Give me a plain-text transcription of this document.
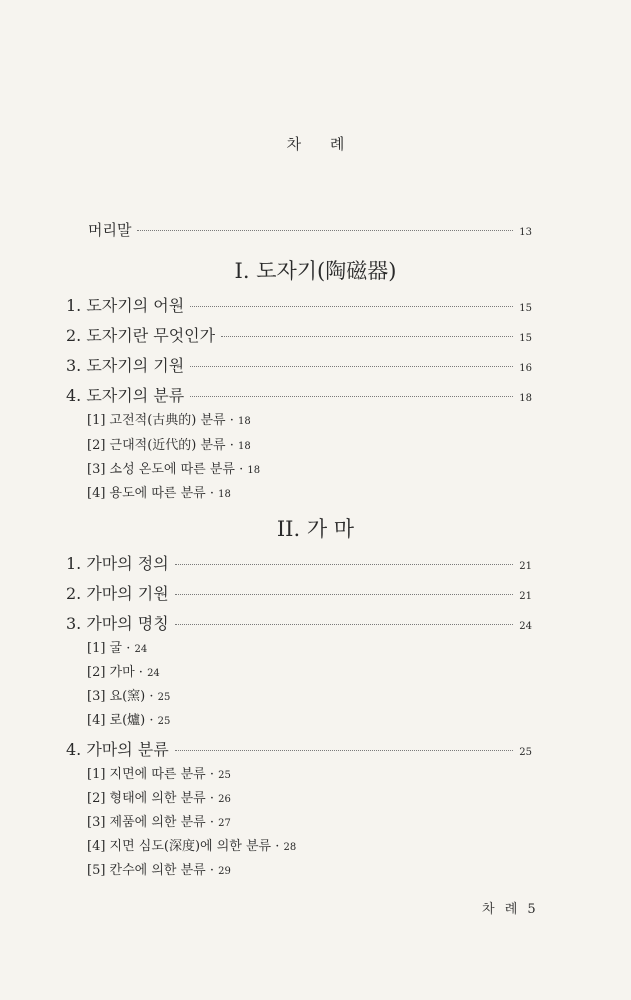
차 례
머리말	13
I. 도자기(陶磁器)
1. 도자기의 어원	15
2. 도자기란 무엇인가	15
3. 도자기의 기원	16
4. 도자기의 분류	18
[1] 고전적(古典的) 분류 · 18
[2] 근대적(近代的) 분류 · 18
[3] 소성 온도에 따른 분류 · 18
[4] 용도에 따른 분류 · 18
II. 가 마
1. 가마의 정의	21
2. 가마의 기원	21
3. 가마의 명칭	24
[1] 굴 · 24
[2] 가마 · 24
[3] 요(窯) · 25
[4] 로(爐) · 25
4. 가마의 분류	25
[1] 지면에 따른 분류 · 25
[2] 형태에 의한 분류 · 26
[3] 제품에 의한 분류 · 27
[4] 지면 심도(深度)에 의한 분류 · 28
[5] 칸수에 의한 분류 · 29
차 례 5
